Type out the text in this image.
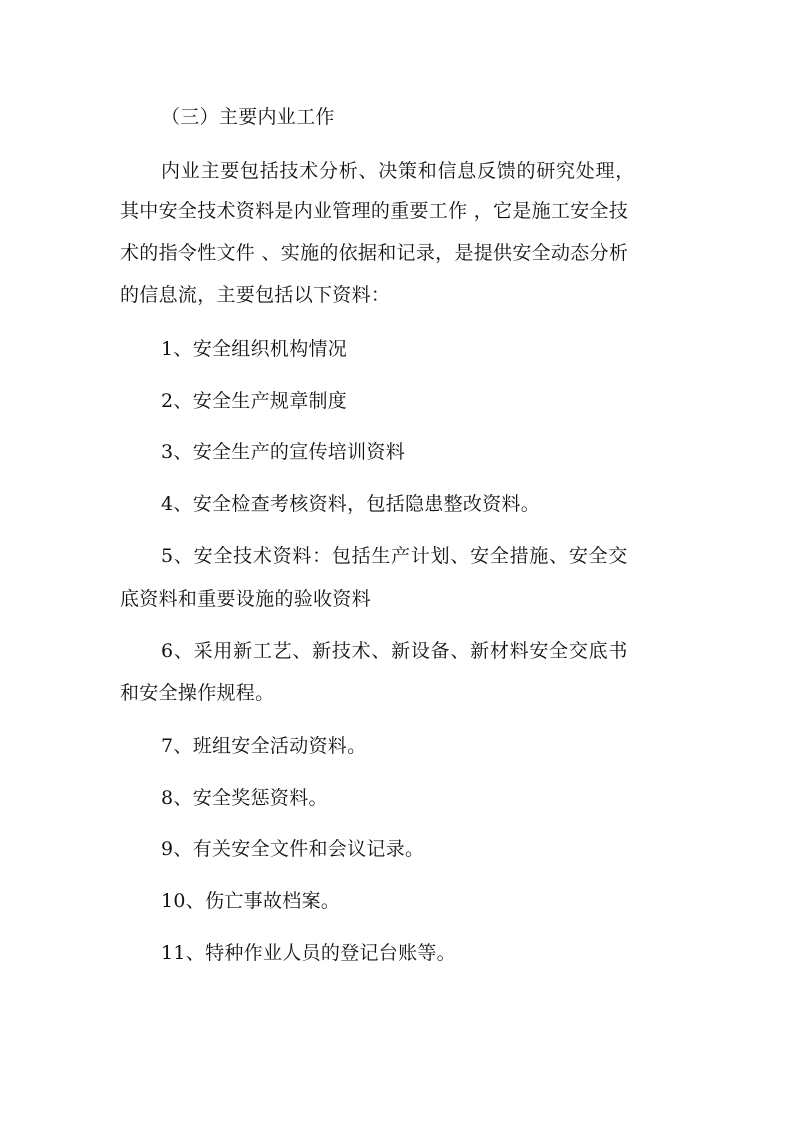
（三）主要内业工作
内业主要包括技术分析、决策和信息反馈的研究处理，
其中安全技术资料是内业管理的重要工作 ，它是施工安全技
术的指令性文件 、实施的依据和记录，是提供安全动态分析
的信息流，主要包括以下资料：
1、安全组织机构情况
2、安全生产规章制度
3、安全生产的宣传培训资料
4、安全检查考核资料，包括隐患整改资料。
5、安全技术资料：包括生产计划、安全措施、安全交
底资料和重要设施的验收资料
6、采用新工艺、新技术、新设备、新材料安全交底书
和安全操作规程。
7、班组安全活动资料。
8、安全奖惩资料。
9、有关安全文件和会议记录。
10、伤亡事故档案。
11、特种作业人员的登记台账等。
